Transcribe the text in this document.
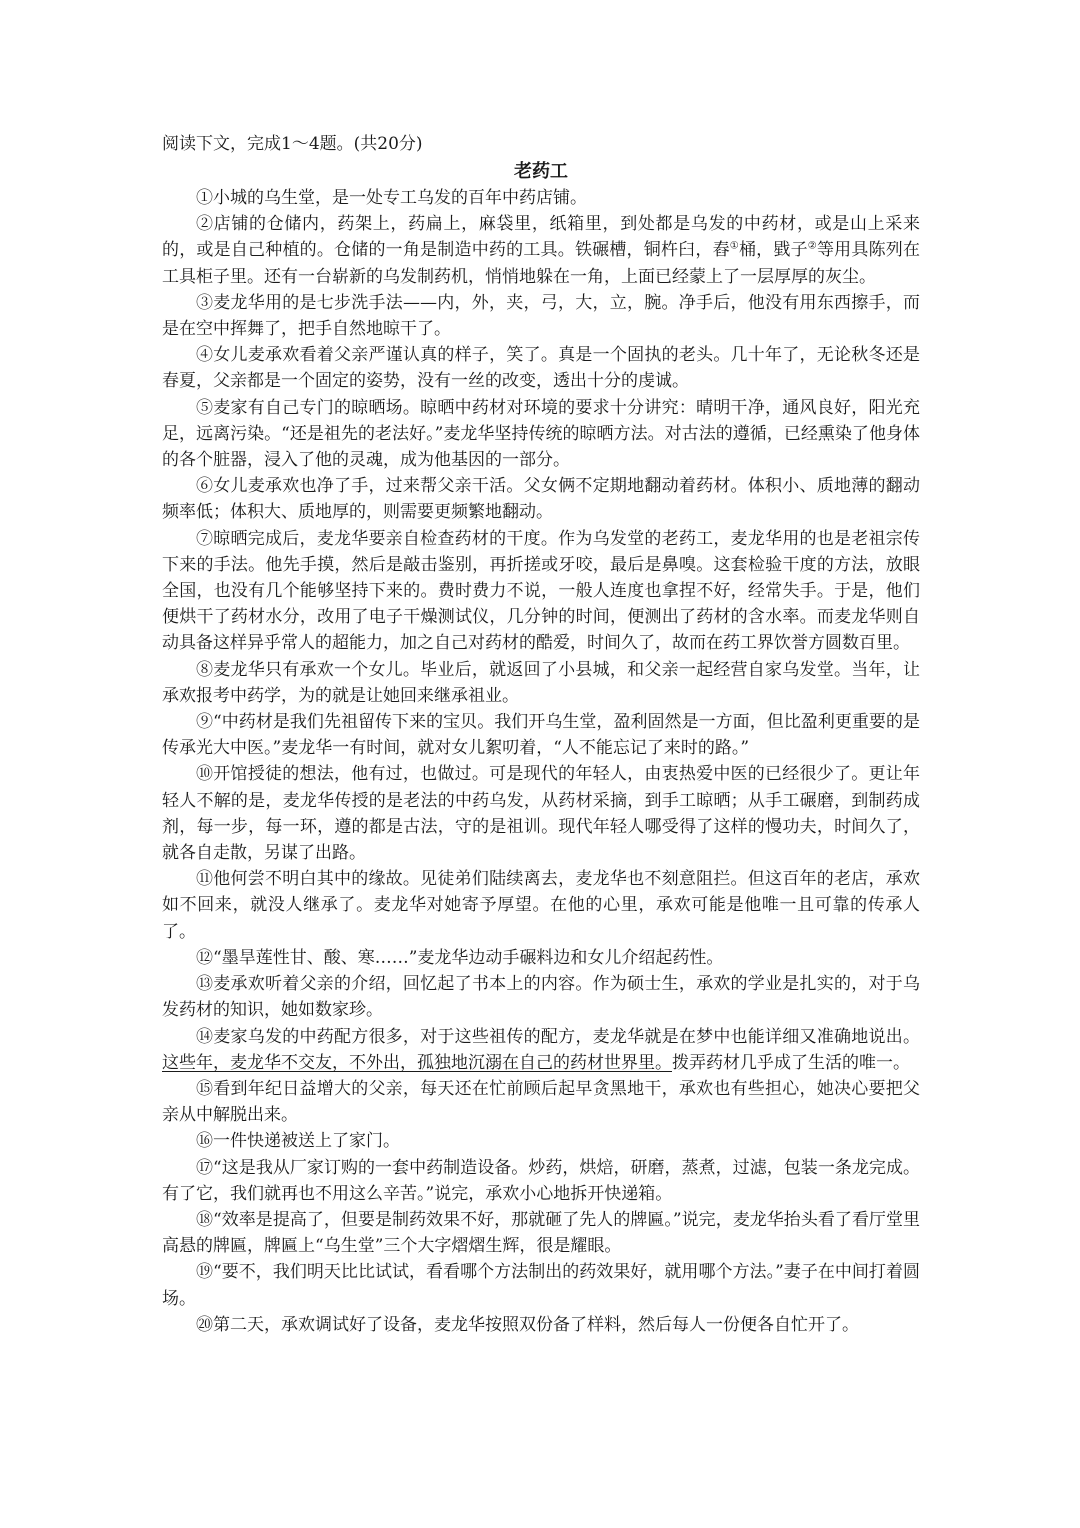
阅读下文，完成1～4题。(共20分)

老药工

①小城的乌生堂，是一处专工乌发的百年中药店铺。

②店铺的仓储内，药架上，药扁上，麻袋里，纸箱里，到处都是乌发的中药材，或是山上采来的，或是自己种植的。仓储的一角是制造中药的工具。铁碾槽，铜杵臼，舂①桶，戥子②等用具陈列在工具柜子里。还有一台崭新的乌发制药机，悄悄地躲在一角，上面已经蒙上了一层厚厚的灰尘。

③麦龙华用的是七步洗手法——内，外，夹，弓，大，立，腕。净手后，他没有用东西擦手，而是在空中挥舞了，把手自然地晾干了。

④女儿麦承欢看着父亲严谨认真的样子，笑了。真是一个固执的老头。几十年了，无论秋冬还是春夏，父亲都是一个固定的姿势，没有一丝的改变，透出十分的虔诚。

⑤麦家有自己专门的晾晒场。晾晒中药材对环境的要求十分讲究：晴明干净，通风良好，阳光充足，远离污染。“还是祖先的老法好。”麦龙华坚持传统的晾晒方法。对古法的遵循，已经熏染了他身体的各个脏器，浸入了他的灵魂，成为他基因的一部分。

⑥女儿麦承欢也净了手，过来帮父亲干活。父女俩不定期地翻动着药材。体积小、质地薄的翻动频率低；体积大、质地厚的，则需要更频繁地翻动。

⑦晾晒完成后，麦龙华要亲自检查药材的干度。作为乌发堂的老药工，麦龙华用的也是老祖宗传下来的手法。他先手摸，然后是敲击鉴别，再折搓或牙咬，最后是鼻嗅。这套检验干度的方法，放眼全国，也没有几个能够坚持下来的。费时费力不说，一般人连度也拿捏不好，经常失手。于是，他们便烘干了药材水分，改用了电子干燥测试仪，几分钟的时间，便测出了药材的含水率。而麦龙华则自动具备这样异乎常人的超能力，加之自己对药材的酷爱，时间久了，故而在药工界饮誉方圆数百里。

⑧麦龙华只有承欢一个女儿。毕业后，就返回了小县城，和父亲一起经营自家乌发堂。当年，让承欢报考中药学，为的就是让她回来继承祖业。

⑨“中药材是我们先祖留传下来的宝贝。我们开乌生堂，盈利固然是一方面，但比盈利更重要的是传承光大中医。”麦龙华一有时间，就对女儿絮叨着，“人不能忘记了来时的路。”

⑩开馆授徒的想法，他有过，也做过。可是现代的年轻人，由衷热爱中医的已经很少了。更让年轻人不解的是，麦龙华传授的是老法的中药乌发，从药材采摘，到手工晾晒；从手工碾磨，到制药成剂，每一步，每一环，遵的都是古法，守的是祖训。现代年轻人哪受得了这样的慢功夫，时间久了，就各自走散，另谋了出路。

⑪他何尝不明白其中的缘故。见徒弟们陆续离去，麦龙华也不刻意阻拦。但这百年的老店，承欢如不回来，就没人继承了。麦龙华对她寄予厚望。在他的心里，承欢可能是他唯一且可靠的传承人了。

⑫“墨旱莲性甘、酸、寒……”麦龙华边动手碾料边和女儿介绍起药性。

⑬麦承欢听着父亲的介绍，回忆起了书本上的内容。作为硕士生，承欢的学业是扎实的，对于乌发药材的知识，她如数家珍。

⑭麦家乌发的中药配方很多，对于这些祖传的配方，麦龙华就是在梦中也能详细又准确地说出。这些年，麦龙华不交友，不外出，孤独地沉溺在自己的药材世界里。拨弄药材几乎成了生活的唯一。

⑮看到年纪日益增大的父亲，每天还在忙前顾后起早贪黑地干，承欢也有些担心，她决心要把父亲从中解脱出来。

⑯一件快递被送上了家门。

⑰“这是我从厂家订购的一套中药制造设备。炒药，烘焙，研磨，蒸煮，过滤，包装一条龙完成。有了它，我们就再也不用这么辛苦。”说完，承欢小心地拆开快递箱。

⑱“效率是提高了，但要是制药效果不好，那就砸了先人的牌匾。”说完，麦龙华抬头看了看厅堂里高悬的牌匾，牌匾上“乌生堂”三个大字熠熠生辉，很是耀眼。

⑲“要不，我们明天比比试试，看看哪个方法制出的药效果好，就用哪个方法。”妻子在中间打着圆场。

⑳第二天，承欢调试好了设备，麦龙华按照双份备了样料，然后每人一份便各自忙开了。
